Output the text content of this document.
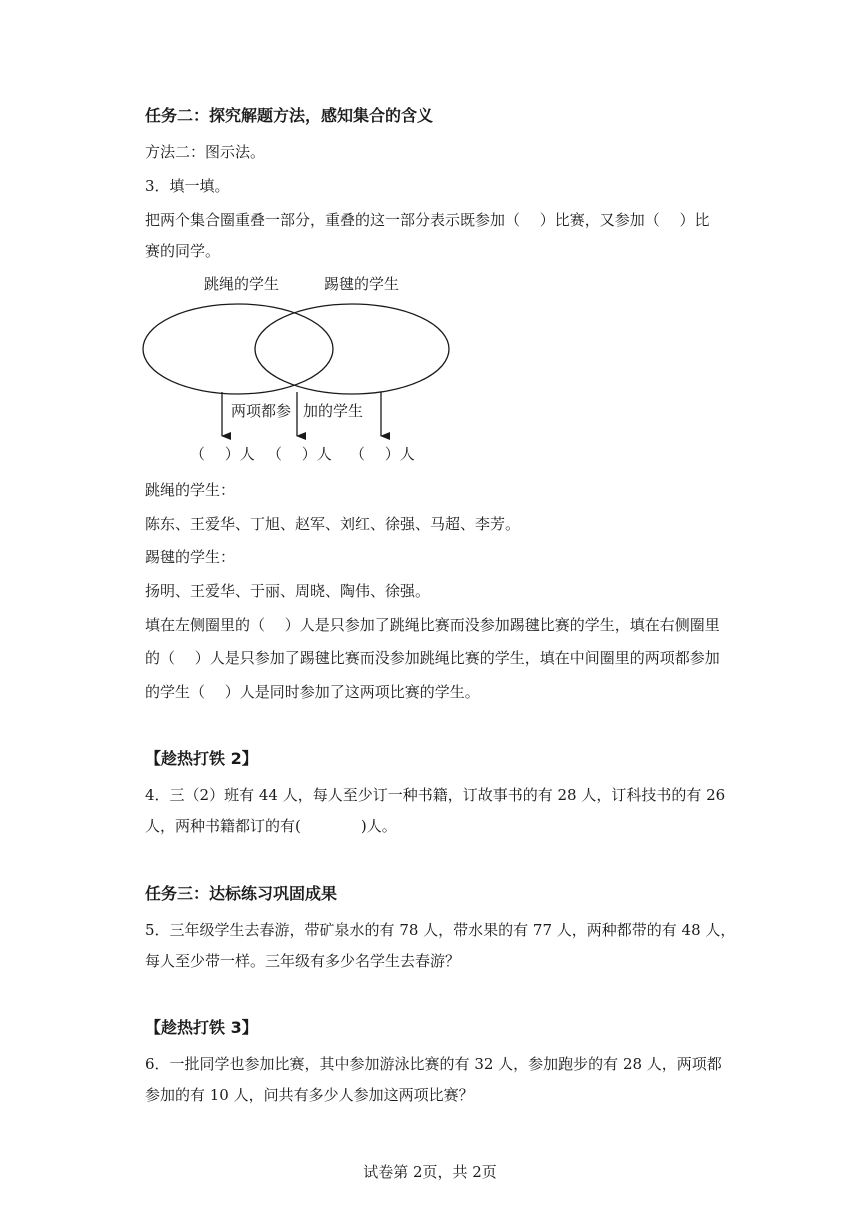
任务二：探究解题方法，感知集合的含义
方法二：图示法。
3．填一填。
把两个集合圈重叠一部分，重叠的这一部分表示既参加（　 ）比赛，又参加（　 ）比
赛的同学。
跳绳的学生	踢毽的学生
两项都参 加的学生
（　 ）人 （　 ）人 （　 ）人
跳绳的学生：
陈东、王爱华、丁旭、赵军、刘红、徐强、马超、李芳。
踢毽的学生：
扬明、王爱华、于丽、周晓、陶伟、徐强。
填在左侧圈里的（　 ）人是只参加了跳绳比赛而没参加踢毽比赛的学生，填在右侧圈里
的（　 ）人是只参加了踢毽比赛而没参加跳绳比赛的学生，填在中间圈里的两项都参加
的学生（　 ）人是同时参加了这两项比赛的学生。
【趁热打铁 2】
4．三（2）班有 44 人，每人至少订一种书籍，订故事书的有 28 人，订科技书的有 26
人，两种书籍都订的有(　　　　)人。
任务三：达标练习巩固成果
5．三年级学生去春游，带矿泉水的有 78 人，带水果的有 77 人，两种都带的有 48 人，
每人至少带一样。三年级有多少名学生去春游？
【趁热打铁 3】
6．一批同学也参加比赛，其中参加游泳比赛的有 32 人，参加跑步的有 28 人，两项都
参加的有 10 人，问共有多少人参加这两项比赛？
试卷第 2页，共 2页
